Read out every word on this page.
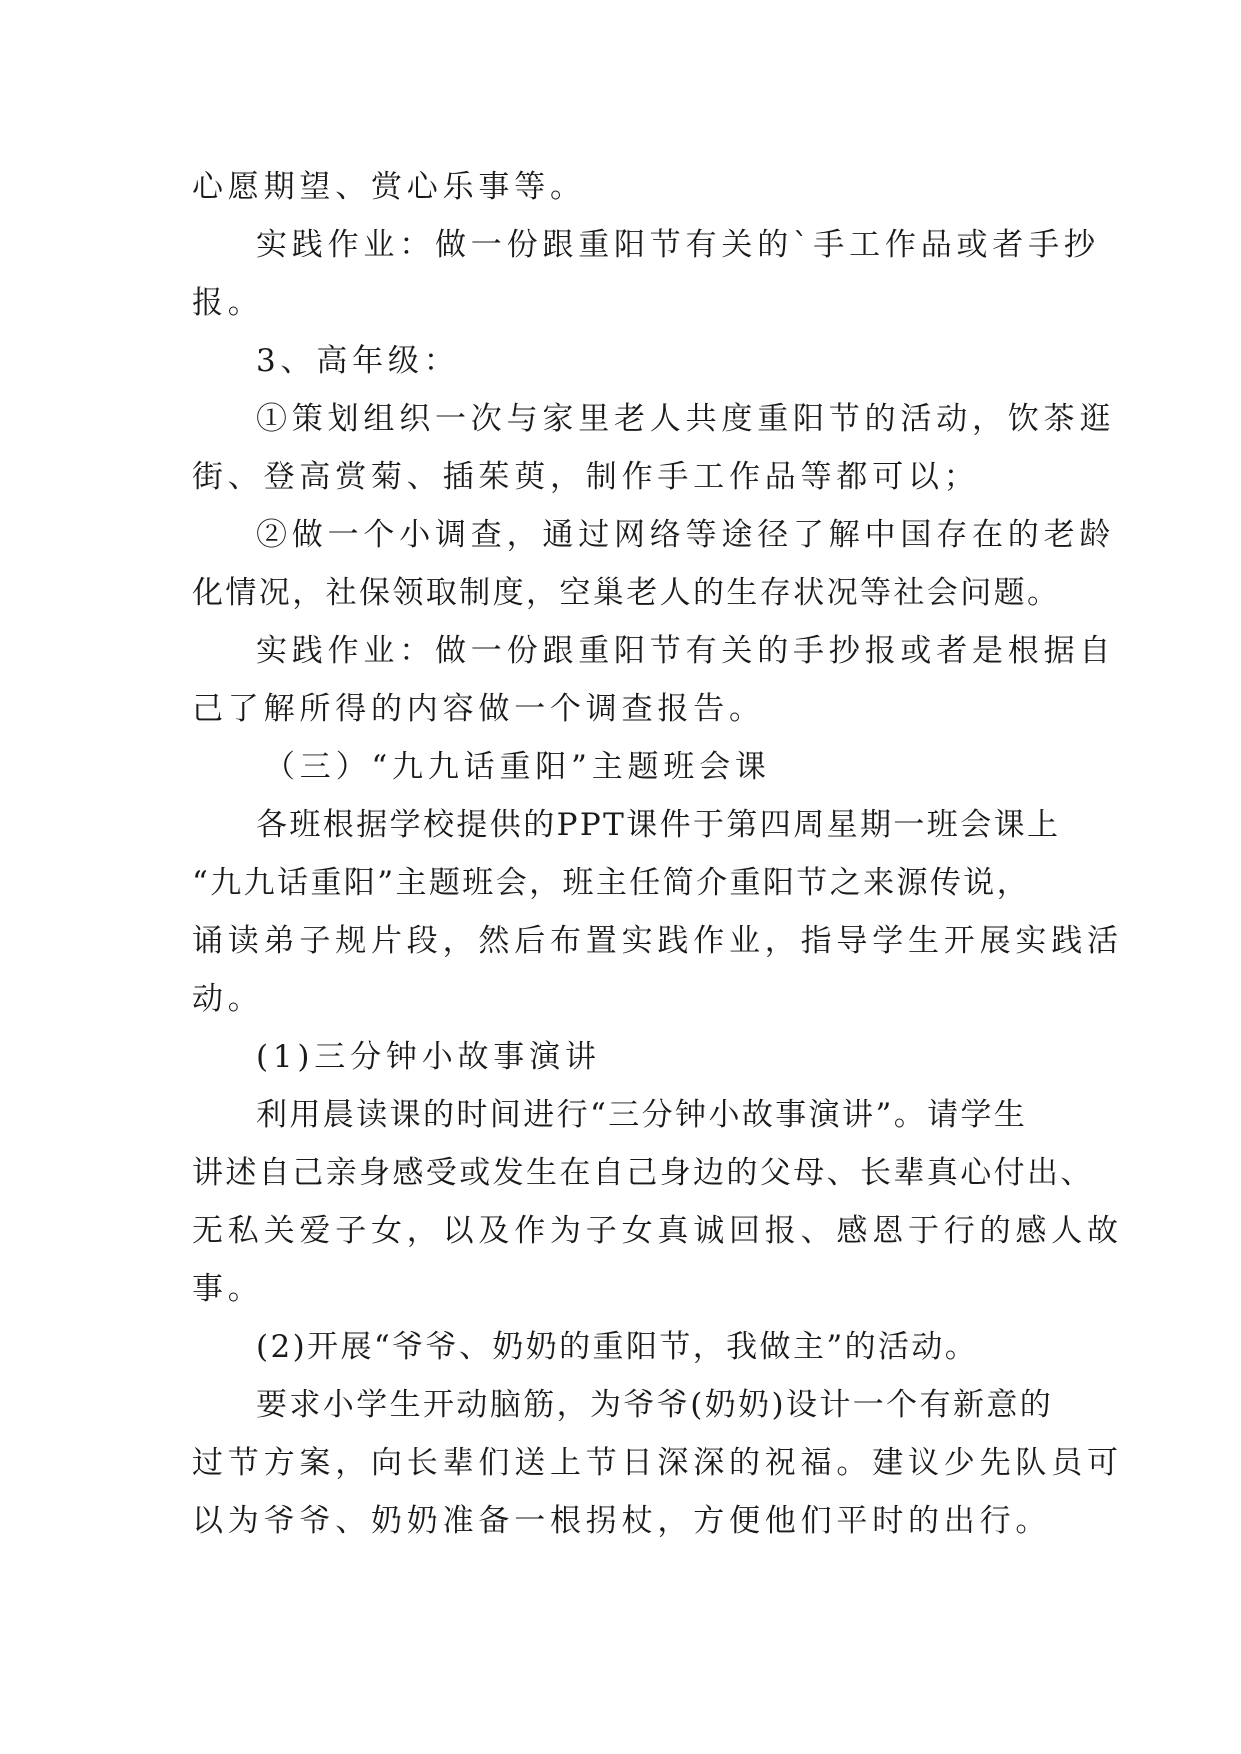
心愿期望、赏心乐事等。
实践作业：做一份跟重阳节有关的`手工作品或者手抄
报。
3、高年级：
①策划组织一次与家里老人共度重阳节的活动，饮茶逛
街、登高赏菊、插茱萸，制作手工作品等都可以；
②做一个小调查，通过网络等途径了解中国存在的老龄
化情况，社保领取制度，空巢老人的生存状况等社会问题。
实践作业：做一份跟重阳节有关的手抄报或者是根据自
己了解所得的内容做一个调查报告。
（三）“九九话重阳”主题班会课
各班根据学校提供的PPT课件于第四周星期一班会课上
“九九话重阳”主题班会，班主任简介重阳节之来源传说，
诵读弟子规片段，然后布置实践作业，指导学生开展实践活
动。
(1)三分钟小故事演讲
利用晨读课的时间进行“三分钟小故事演讲”。请学生
讲述自己亲身感受或发生在自己身边的父母、长辈真心付出、
无私关爱子女，以及作为子女真诚回报、感恩于行的感人故
事。
(2)开展“爷爷、奶奶的重阳节，我做主”的活动。
要求小学生开动脑筋，为爷爷(奶奶)设计一个有新意的
过节方案，向长辈们送上节日深深的祝福。建议少先队员可
以为爷爷、奶奶准备一根拐杖，方便他们平时的出行。
